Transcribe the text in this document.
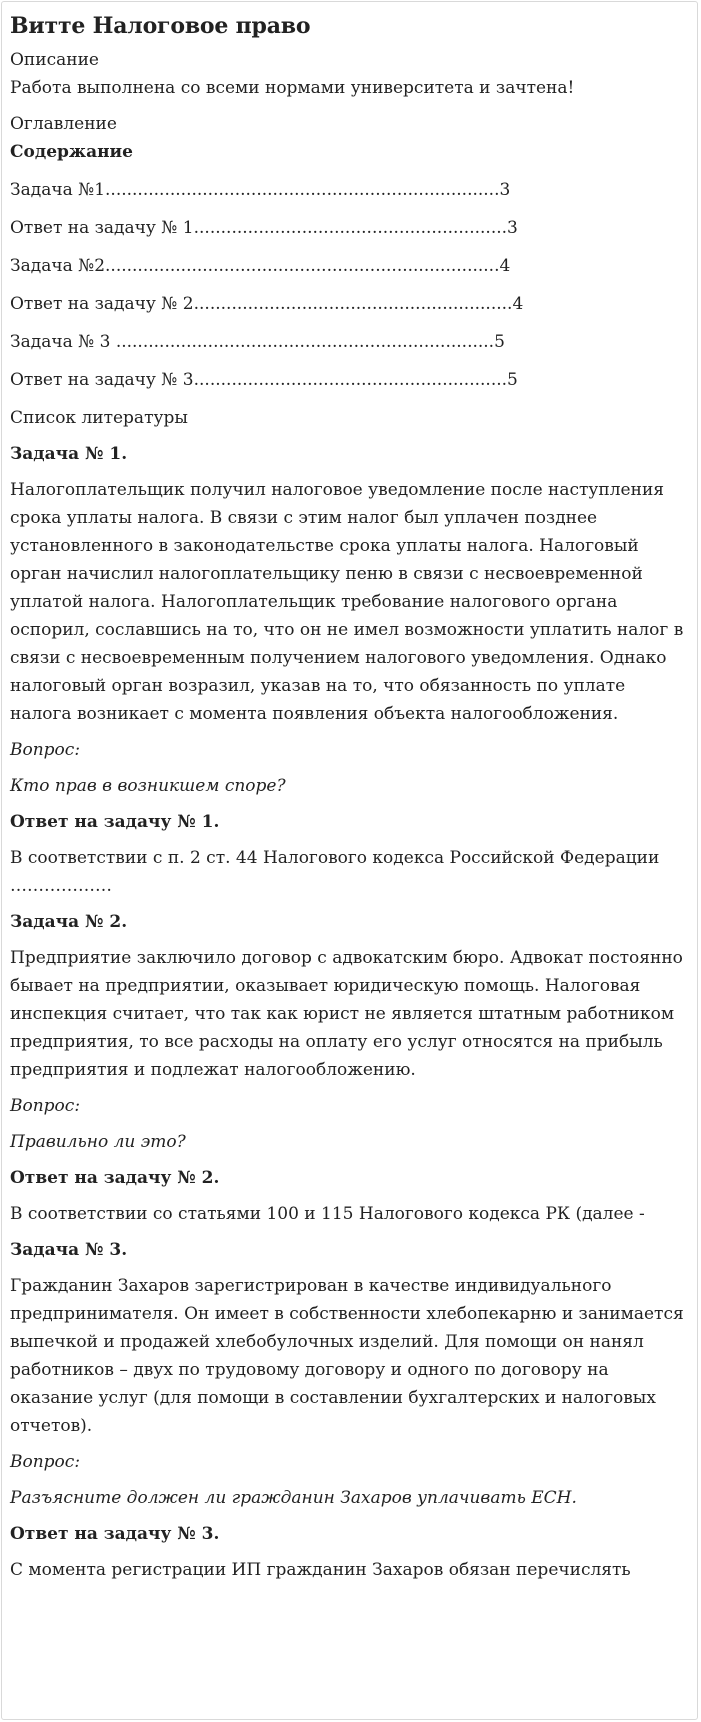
Витте Налоговое право
Описание
Работа выполнена со всеми нормами университета и зачтена!
Оглавление
Содержание
Задача №1.........................................................................3
Ответ на задачу № 1..........................................................3
Задача №2.........................................................................4
Ответ на задачу № 2...........................................................4
Задача № 3 ......................................................................5
Ответ на задачу № 3..........................................................5
Список литературы
Задача № 1.
Налогоплательщик получил налоговое уведомление после наступления срока уплаты налога. В связи с этим налог был уплачен позднее установленного в законодательстве срока уплаты налога. Налоговый орган начислил налогоплательщику пеню в связи с несвоевременной уплатой налога. Налогоплательщик требование налогового органа оспорил, сославшись на то, что он не имел возможности уплатить налог в связи с несвоевременным получением налогового уведомления. Однако налоговый орган возразил, указав на то, что обязанность по уплате налога возникает с момента появления объекта налогообложения.
Вопрос:
Кто прав в возникшем споре?
Ответ на задачу № 1.
В соответствии с п. 2 ст. 44 Налогового кодекса Российской Федерации ………………
Задача № 2.
Предприятие заключило договор с адвокатским бюро. Адвокат постоянно бывает на предприятии, оказывает юридическую помощь. Налоговая инспекция считает, что так как юрист не является штатным работником предприятия, то все расходы на оплату его услуг относятся на прибыль предприятия и подлежат налогообложению.
Вопрос:
Правильно ли это?
Ответ на задачу № 2.
В соответствии со статьями 100 и 115 Налогового кодекса РК (далее -
Задача № 3.
Гражданин Захаров зарегистрирован в качестве индивидуального предпринимателя. Он имеет в собственности хлебопекарню и занимается выпечкой и продажей хлебобулочных изделий. Для помощи он нанял работников – двух по трудовому договору и одного по договору на оказание услуг (для помощи в составлении бухгалтерских и налоговых отчетов).
Вопрос:
Разъясните должен ли гражданин Захаров уплачивать ЕСН.
Ответ на задачу № 3.
С момента регистрации ИП гражданин Захаров обязан перечислять
